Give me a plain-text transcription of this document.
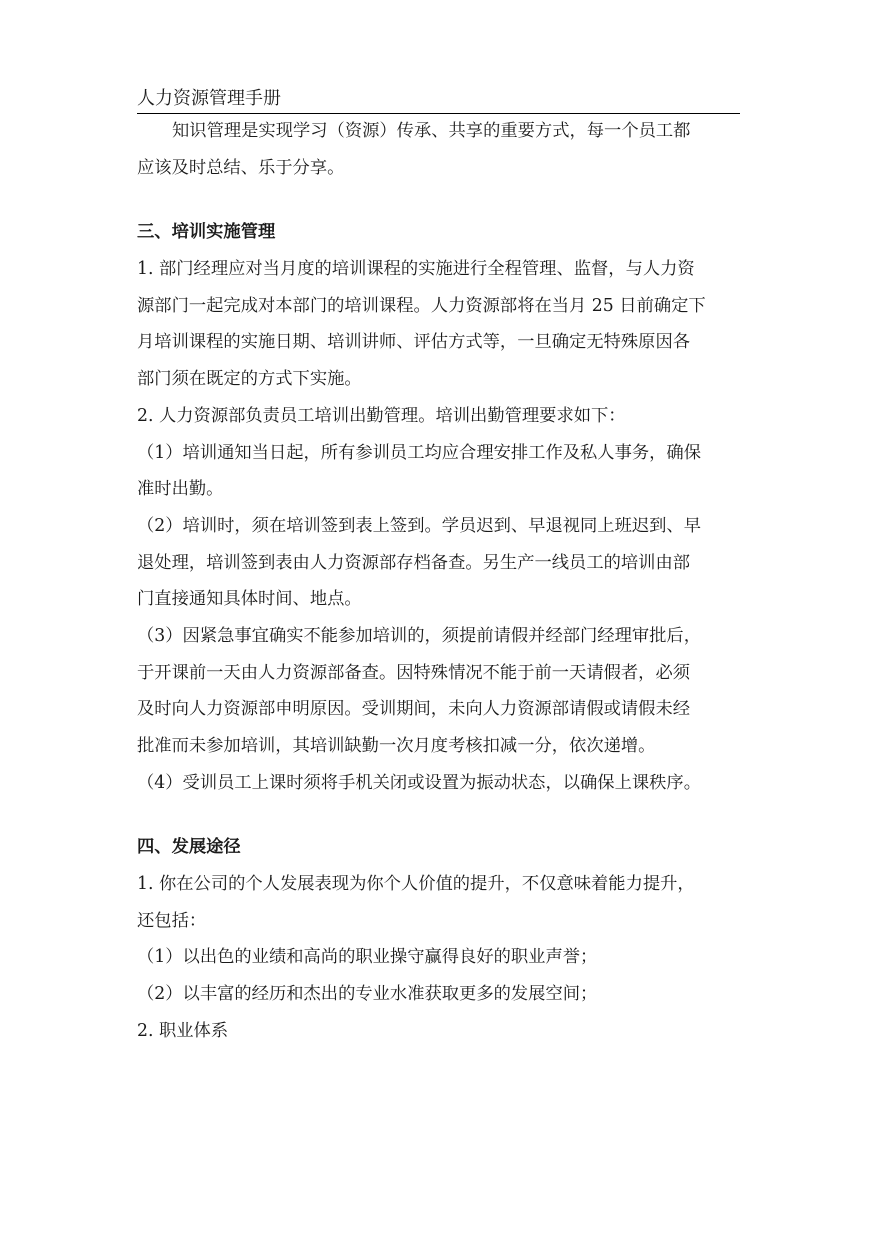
人力资源管理手册
知识管理是实现学习（资源）传承、共享的重要方式，每一个员工都
应该及时总结、乐于分享。
三、培训实施管理
1. 部门经理应对当月度的培训课程的实施进行全程管理、监督，与人力资
源部门一起完成对本部门的培训课程。人力资源部将在当月 25 日前确定下
月培训课程的实施日期、培训讲师、评估方式等，一旦确定无特殊原因各
部门须在既定的方式下实施。
2. 人力资源部负责员工培训出勤管理。培训出勤管理要求如下：
（1）培训通知当日起，所有参训员工均应合理安排工作及私人事务，确保
准时出勤。
（2）培训时，须在培训签到表上签到。学员迟到、早退视同上班迟到、早
退处理，培训签到表由人力资源部存档备查。另生产一线员工的培训由部
门直接通知具体时间、地点。
（3）因紧急事宜确实不能参加培训的，须提前请假并经部门经理审批后，
于开课前一天由人力资源部备查。因特殊情况不能于前一天请假者，必须
及时向人力资源部申明原因。受训期间，未向人力资源部请假或请假未经
批准而未参加培训，其培训缺勤一次月度考核扣减一分，依次递增。
（4）受训员工上课时须将手机关闭或设置为振动状态，以确保上课秩序。
四、发展途径
1. 你在公司的个人发展表现为你个人价值的提升，不仅意味着能力提升，
还包括：
（1）以出色的业绩和高尚的职业操守赢得良好的职业声誉；
（2）以丰富的经历和杰出的专业水准获取更多的发展空间；
2. 职业体系
